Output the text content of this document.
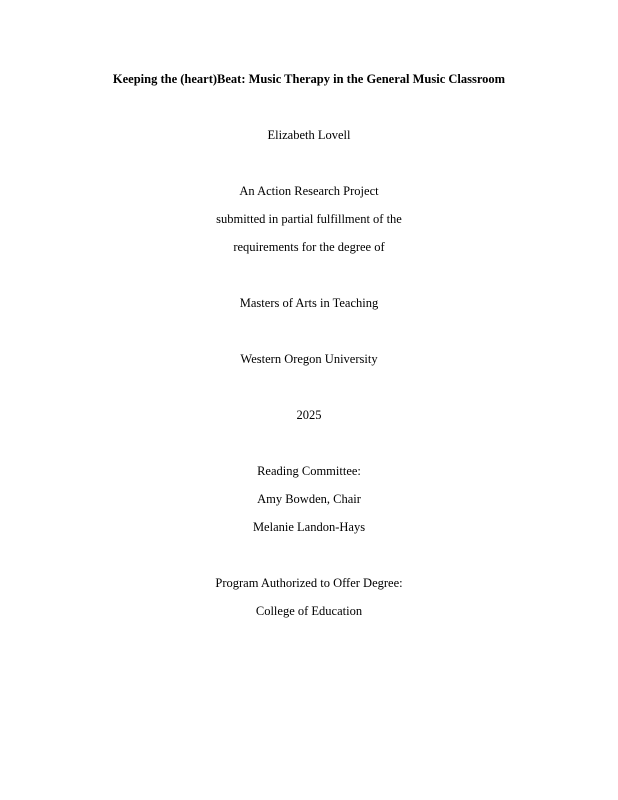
Keeping the (heart)Beat: Music Therapy in the General Music Classroom
Elizabeth Lovell
An Action Research Project
submitted in partial fulfillment of the
requirements for the degree of
Masters of Arts in Teaching
Western Oregon University
2025
Reading Committee:
Amy Bowden, Chair
Melanie Landon-Hays
Program Authorized to Offer Degree:
College of Education
